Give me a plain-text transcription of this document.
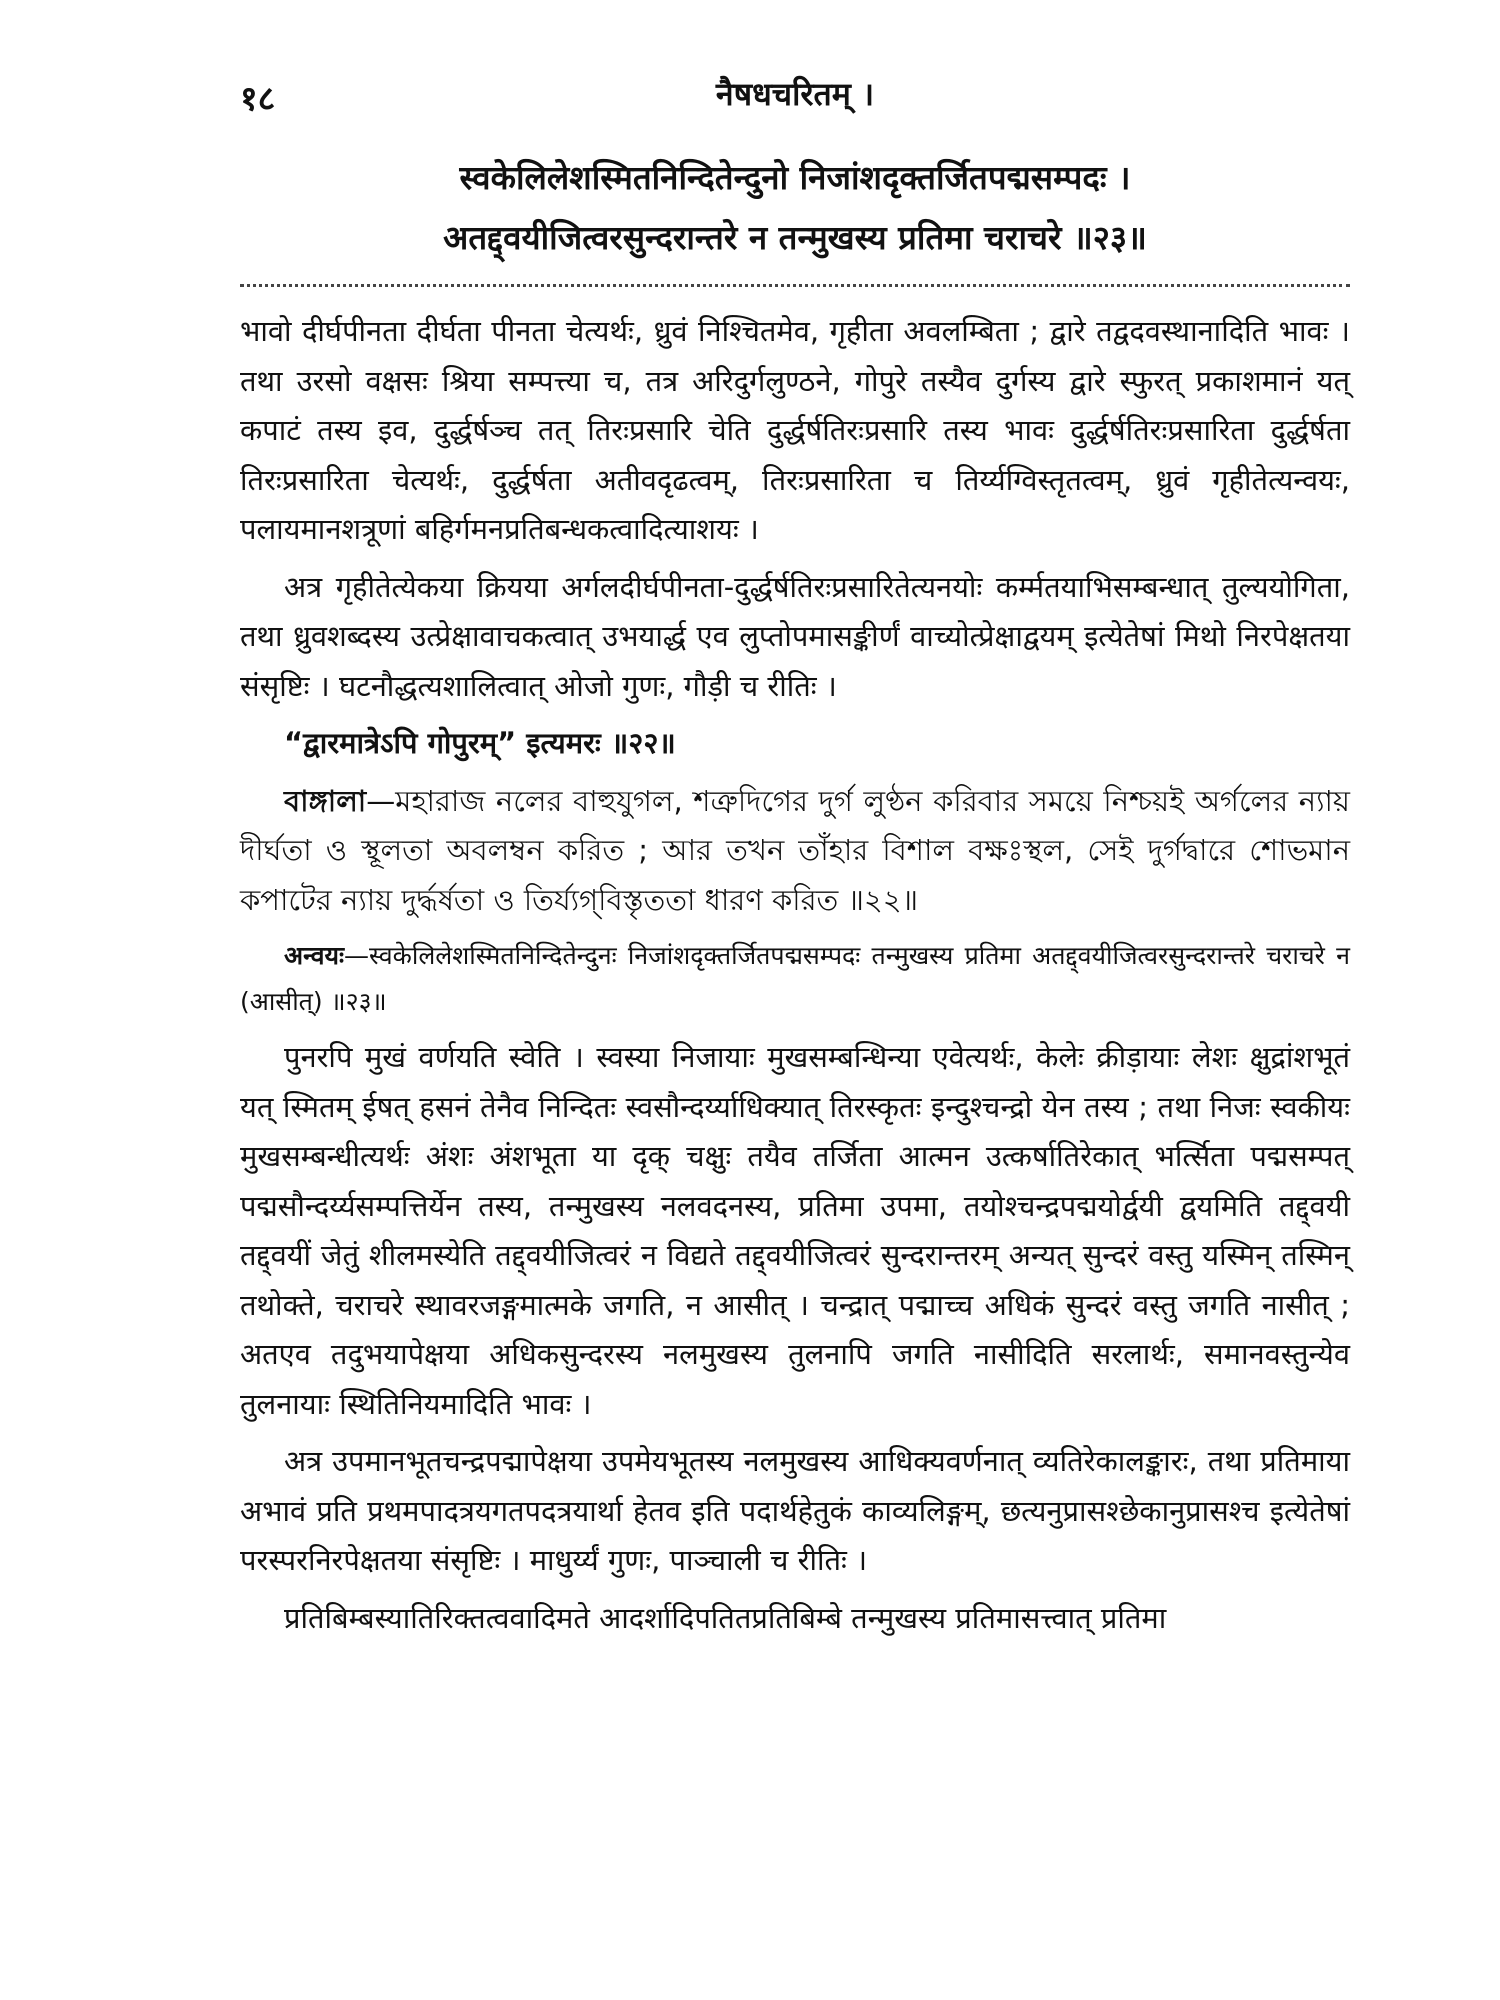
१८	नैषधचरितम् ।
स्वकेलिलेशस्मितनिन्दितेन्दुनो निजांशदृक्तर्जितपद्मसम्पदः ।
अतद्द्वयीजित्वरसुन्दरान्तरे न तन्मुखस्य प्रतिमा चराचरे ॥२३॥

भावो दीर्घपीनता दीर्घता पीनता चेत्यर्थः, ध्रुवं निश्चितमेव, गृहीता अवलम्बिता ; द्वारे तद्वदवस्थानादिति भावः । तथा उरसो वक्षसः श्रिया सम्पत्त्या च, तत्र अरिदुर्गलुण्ठने, गोपुरे तस्यैव दुर्गस्य द्वारे स्फुरत् प्रकाशमानं यत् कपाटं तस्य इव, दुर्द्धर्षञ्च तत् तिरःप्रसारि चेति दुर्द्धर्षतिरःप्रसारि तस्य भावः दुर्द्धर्षतिरःप्रसारिता दुर्द्धर्षता तिरःप्रसारिता चेत्यर्थः, दुर्द्धर्षता अतीवदृढत्वम्, तिरःप्रसारिता च तिर्य्यग्विस्तृतत्वम्, ध्रुवं गृहीतेत्यन्वयः, पलायमानशत्रूणां बहिर्गमनप्रतिबन्धकत्वादित्याशयः ।

अत्र गृहीतेत्येकया क्रियया अर्गलदीर्घपीनता-दुर्द्धर्षतिरःप्रसारितेत्यनयोः कर्म्मतयाभिसम्बन्धात् तुल्ययोगिता, तथा ध्रुवशब्दस्य उत्प्रेक्षावाचकत्वात् उभयार्द्ध एव लुप्तोपमासङ्कीर्णं वाच्योत्प्रेक्षाद्वयम् इत्येतेषां मिथो निरपेक्षतया संसृष्टिः । घटनौद्धत्यशालित्वात् ओजो गुणः, गौड़ी च रीतिः ।

“द्वारमात्रेऽपि गोपुरम्” इत्यमरः ॥२२॥

বাঙ্গালা—মহারাজ নলের বাহুযুগল, শত্রুদিগের দুর্গ লুণ্ঠন করিবার সময়ে নিশ্চয়ই অর্গলের ন্যায় দীর্ঘতা ও স্থূলতা অবলম্বন করিত ; আর তখন তাঁহার বিশাল বক্ষঃস্থল, সেই দুর্গদ্বারে শোভমান কপাটের ন্যায় দুর্দ্ধর্ষতা ও তির্য্যগ্‌বিস্তৃততা ধারণ করিত ॥২২॥

अन्वयः—स्वकेलिलेशस्मितनिन्दितेन्दुनः निजांशदृक्तर्जितपद्मसम्पदः तन्मुखस्य प्रतिमा अतद्द्वयीजित्वरसुन्दरान्तरे चराचरे न (आसीत्) ॥२३॥

पुनरपि मुखं वर्णयति स्वेति । स्वस्या निजायाः मुखसम्बन्धिन्या एवेत्यर्थः, केलेः क्रीड़ायाः लेशः क्षुद्रांशभूतं यत् स्मितम् ईषत् हसनं तेनैव निन्दितः स्वसौन्दर्य्याधिक्यात् तिरस्कृतः इन्दुश्चन्द्रो येन तस्य ; तथा निजः स्वकीयः मुखसम्बन्धीत्यर्थः अंशः अंशभूता या दृक् चक्षुः तयैव तर्जिता आत्मन उत्कर्षातिरेकात् भर्त्सिता पद्मसम्पत् पद्मसौन्दर्य्यसम्पत्तिर्येन तस्य, तन्मुखस्य नलवदनस्य, प्रतिमा उपमा, तयोश्चन्द्रपद्मयोर्द्वयी द्वयमिति तद्द्वयी तद्द्वयीं जेतुं शीलमस्येति तद्द्वयीजित्वरं न विद्यते तद्द्वयीजित्वरं सुन्दरान्तरम् अन्यत् सुन्दरं वस्तु यस्मिन् तस्मिन् तथोक्ते, चराचरे स्थावरजङ्गमात्मके जगति, न आसीत् । चन्द्रात् पद्माच्च अधिकं सुन्दरं वस्तु जगति नासीत् ; अतएव तदुभयापेक्षया अधिकसुन्दरस्य नलमुखस्य तुलनापि जगति नासीदिति सरलार्थः, समानवस्तुन्येव तुलनायाः स्थितिनियमादिति भावः ।

अत्र उपमानभूतचन्द्रपद्मापेक्षया उपमेयभूतस्य नलमुखस्य आधिक्यवर्णनात् व्यतिरेकालङ्कारः, तथा प्रतिमाया अभावं प्रति प्रथमपादत्रयगतपदत्रयार्था हेतव इति पदार्थहेतुकं काव्यलिङ्गम्, छत्यनुप्रासश्छेकानुप्रासश्च इत्येतेषां परस्परनिरपेक्षतया संसृष्टिः । माधुर्य्यं गुणः, पाञ्चाली च रीतिः ।

प्रतिबिम्बस्यातिरिक्तत्ववादिमते आदर्शादिपतितप्रतिबिम्बे तन्मुखस्य प्रतिमासत्त्वात् प्रतिमा
